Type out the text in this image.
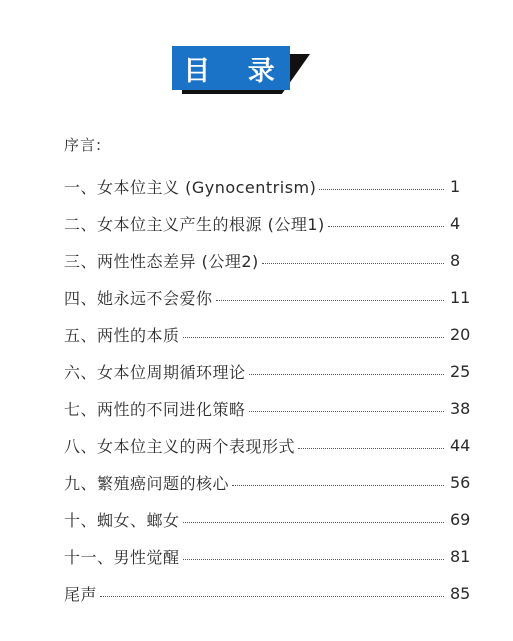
目 录
序言:
一、女本位主义 (Gynocentrism)	1
二、女本位主义产生的根源 (公理1)	4
三、两性性态差异 (公理2)	8
四、她永远不会爱你	11
五、两性的本质	20
六、女本位周期循环理论	25
七、两性的不同进化策略	38
八、女本位主义的两个表现形式	44
九、繁殖癌问题的核心	56
十、蜘女、螂女	69
十一、男性觉醒	81
尾声	85
